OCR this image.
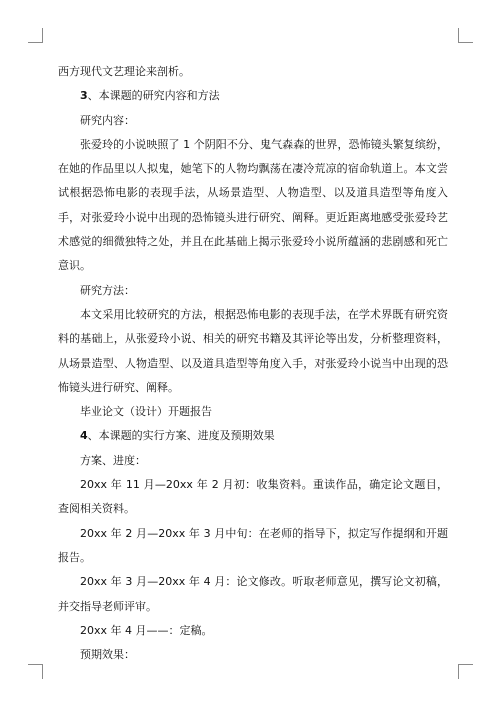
西方现代文艺理论来剖析。

3、本课题的研究内容和方法

研究内容：

张爱玲的小说映照了 1 个阴阳不分、鬼气森森的世界，恐怖镜头繁复缤纷，在她的作品里以人拟鬼，她笔下的人物均飘荡在凄冷荒凉的宿命轨道上。本文尝试根据恐怖电影的表现手法，从场景造型、人物造型、以及道具造型等角度入手，对张爱玲小说中出现的恐怖镜头进行研究、阐释。更近距离地感受张爱玲艺术感觉的细微独特之处，并且在此基础上揭示张爱玲小说所蕴涵的悲剧感和死亡意识。

研究方法：

本文采用比较研究的方法，根据恐怖电影的表现手法，在学术界既有研究资料的基础上，从张爱玲小说、相关的研究书籍及其评论等出发，分析整理资料，从场景造型、人物造型、以及道具造型等角度入手，对张爱玲小说当中出现的恐怖镜头进行研究、阐释。

毕业论文（设计）开题报告

4、本课题的实行方案、进度及预期效果

方案、进度：

20xx 年 11 月—20xx 年 2 月初：收集资料。重读作品，确定论文题目，查阅相关资料。

20xx 年 2 月—20xx 年 3 月中旬：在老师的指导下，拟定写作提纲和开题报告。

20xx 年 3 月—20xx 年 4 月：论文修改。听取老师意见，撰写论文初稿，并交指导老师评审。

20xx 年 4 月——：定稿。

预期效果：
